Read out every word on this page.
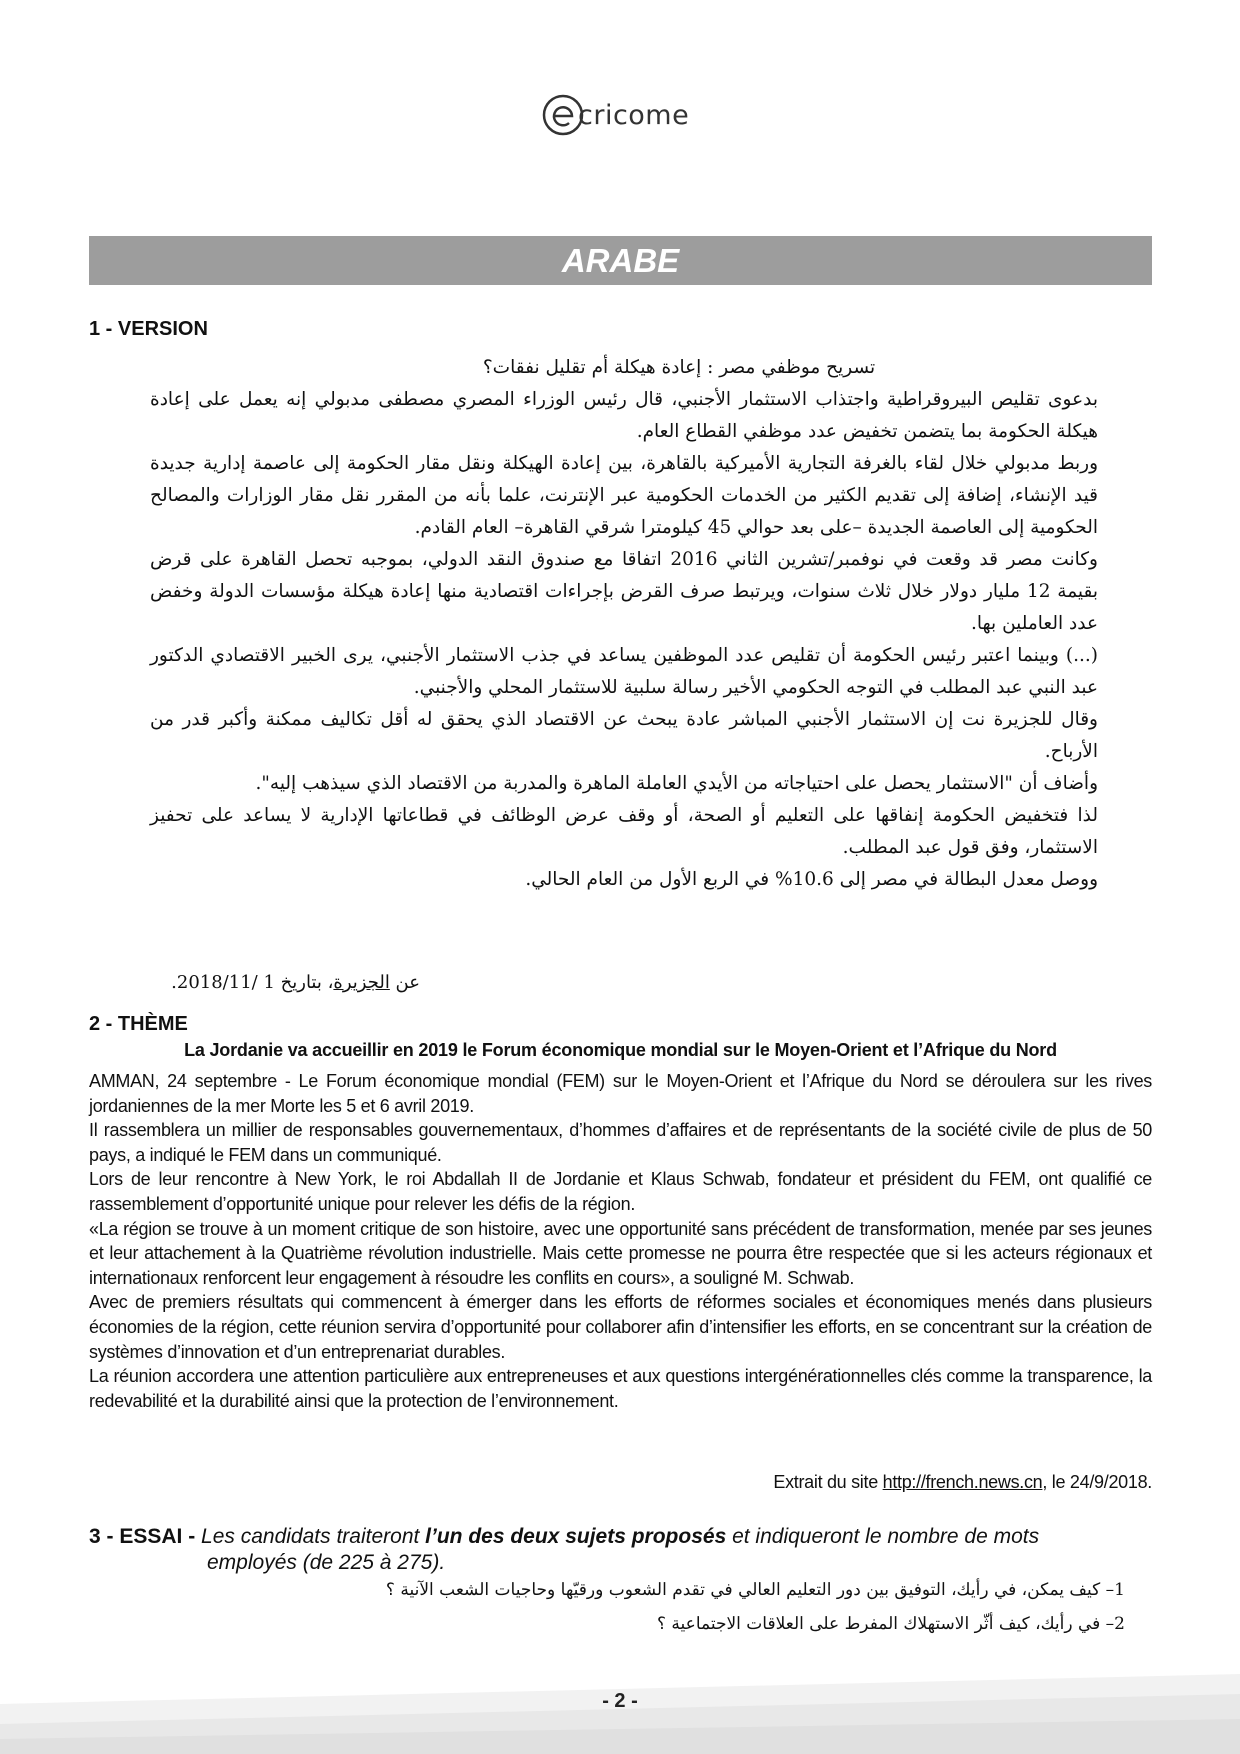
cricome
ARABE
1 - VERSION

تسريح موظفي مصر : إعادة هيكلة أم تقليل نفقات؟

بدعوى تقليص البيروقراطية واجتذاب الاستثمار الأجنبي، قال رئيس الوزراء المصري مصطفى مدبولي إنه يعمل على إعادة هيكلة الحكومة بما يتضمن تخفيض عدد موظفي القطاع العام.

وربط مدبولي خلال لقاء بالغرفة التجارية الأميركية بالقاهرة، بين إعادة الهيكلة ونقل مقار الحكومة إلى عاصمة إدارية جديدة قيد الإنشاء، إضافة إلى تقديم الكثير من الخدمات الحكومية عبر الإنترنت، علما بأنه من المقرر نقل مقار الوزارات والمصالح الحكومية إلى العاصمة الجديدة –على بعد حوالي 45 كيلومترا شرقي القاهرة– العام القادم.

وكانت مصر قد وقعت في نوفمبر/تشرين الثاني 2016 اتفاقا مع صندوق النقد الدولي، بموجبه تحصل القاهرة على قرض بقيمة 12 مليار دولار خلال ثلاث سنوات، ويرتبط صرف القرض بإجراءات اقتصادية منها إعادة هيكلة مؤسسات الدولة وخفض عدد العاملين بها.

(...) وبينما اعتبر رئيس الحكومة أن تقليص عدد الموظفين يساعد في جذب الاستثمار الأجنبي، يرى الخبير الاقتصادي الدكتور عبد النبي عبد المطلب في التوجه الحكومي الأخير رسالة سلبية للاستثمار المحلي والأجنبي.

وقال للجزيرة نت إن الاستثمار الأجنبي المباشر عادة يبحث عن الاقتصاد الذي يحقق له أقل تكاليف ممكنة وأكبر قدر من الأرباح.

وأضاف أن "الاستثمار يحصل على احتياجاته من الأيدي العاملة الماهرة والمدربة من الاقتصاد الذي سيذهب إليه".

لذا فتخفيض الحكومة إنفاقها على التعليم أو الصحة، أو وقف عرض الوظائف في قطاعاتها الإدارية لا يساعد على تحفيز الاستثمار، وفق قول عبد المطلب.

ووصل معدل البطالة في مصر إلى 10.6% في الربع الأول من العام الحالي.

عن الجزيرة، بتاريخ 1 /2018/11.
2 - THÈME
La Jordanie va accueillir en 2019 le Forum économique mondial sur le Moyen-Orient et l’Afrique du Nord

AMMAN, 24 septembre - Le Forum économique mondial (FEM) sur le Moyen-Orient et l’Afrique du Nord se déroulera sur les rives jordaniennes de la mer Morte les 5 et 6 avril 2019.

Il rassemblera un millier de responsables gouvernementaux, d’hommes d’affaires et de représentants de la société civile de plus de 50 pays, a indiqué le FEM dans un communiqué.

Lors de leur rencontre à New York, le roi Abdallah II de Jordanie et Klaus Schwab, fondateur et président du FEM, ont qualifié ce rassemblement d’opportunité unique pour relever les défis de la région.

«La région se trouve à un moment critique de son histoire, avec une opportunité sans précédent de transformation, menée par ses jeunes et leur attachement à la Quatrième révolution industrielle. Mais cette promesse ne pourra être respectée que si les acteurs régionaux et internationaux renforcent leur engagement à résoudre les conflits en cours», a souligné M. Schwab.

Avec de premiers résultats qui commencent à émerger dans les efforts de réformes sociales et économiques menés dans plusieurs économies de la région, cette réunion servira d’opportunité pour collaborer afin d’intensifier les efforts, en se concentrant sur la création de systèmes d’innovation et d’un entreprenariat durables.

La réunion accordera une attention particulière aux entrepreneuses et aux questions intergénérationnelles clés comme la transparence, la redevabilité et la durabilité ainsi que la protection de l’environnement.

Extrait du site http://french.news.cn, le 24/9/2018.
3 - ESSAI - Les candidats traiteront l’un des deux sujets proposés et indiqueront le nombre de mots
employés (de 225 à 275).

1– كيف يمكن، في رأيك، التوفيق بين دور التعليم العالي في تقدم الشعوب ورقيّها وحاجيات الشعب الآنية ؟

2– في رأيك، كيف أثّر الاستهلاك المفرط على العلاقات الاجتماعية ؟

- 2 -
